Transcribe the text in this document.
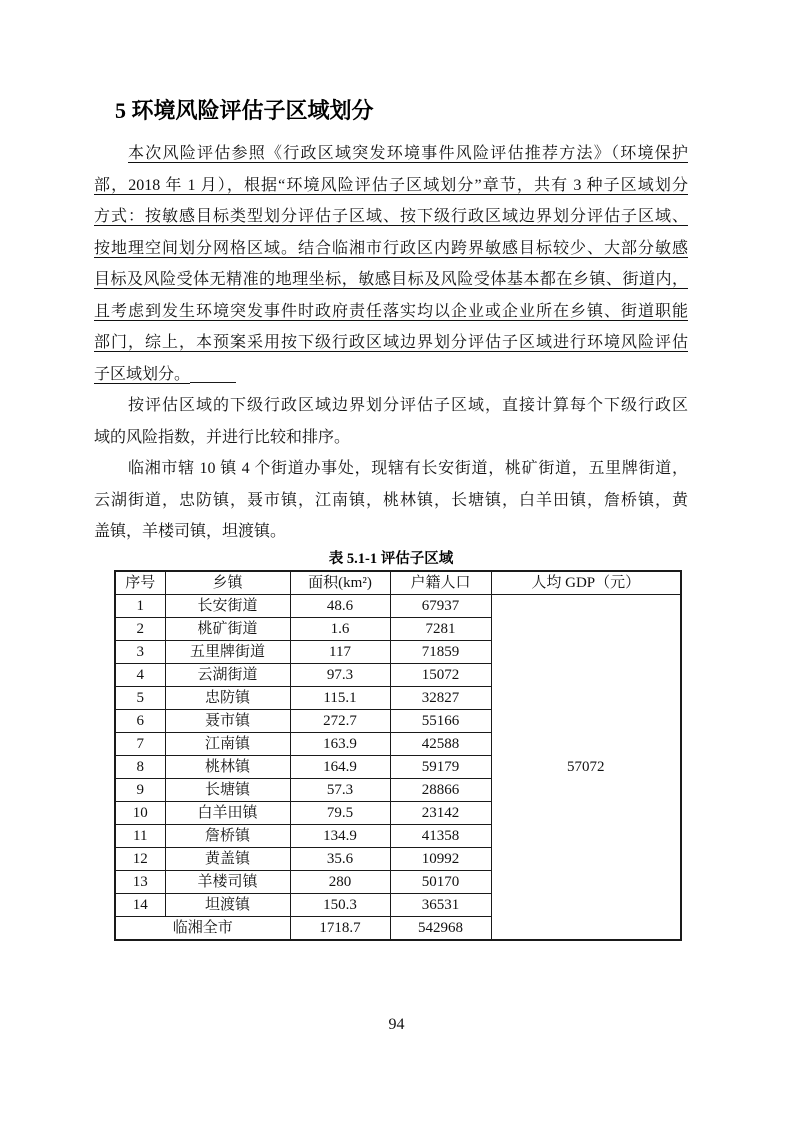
5 环境风险评估子区域划分
本次风险评估参照《行政区域突发环境事件风险评估推荐方法》（环境保护
部，2018 年 1 月），根据“环境风险评估子区域划分”章节，共有 3 种子区域划分
方式：按敏感目标类型划分评估子区域、按下级行政区域边界划分评估子区域、
按地理空间划分网格区域。结合临湘市行政区内跨界敏感目标较少、大部分敏感
目标及风险受体无精准的地理坐标，敏感目标及风险受体基本都在乡镇、街道内，
且考虑到发生环境突发事件时政府责任落实均以企业或企业所在乡镇、街道职能
部门，综上，本预案采用按下级行政区域边界划分评估子区域进行环境风险评估
子区域划分。
按评估区域的下级行政区域边界划分评估子区域，直接计算每个下级行政区
域的风险指数，并进行比较和排序。
临湘市辖 10 镇 4 个街道办事处，现辖有长安街道，桃矿街道，五里牌街道，
云湖街道，忠防镇，聂市镇，江南镇，桃林镇，长塘镇，白羊田镇，詹桥镇，黄
盖镇，羊楼司镇，坦渡镇。
表 5.1-1 评估子区域
序号	乡镇	面积(km²)	户籍人口	人均 GDP（元）
1	长安街道	48.6	67937	57072
2	桃矿街道	1.6	7281	
3	五里牌街道	117	71859	
4	云湖街道	97.3	15072	
5	忠防镇	115.1	32827	
6	聂市镇	272.7	55166	
7	江南镇	163.9	42588	
8	桃林镇	164.9	59179	
9	长塘镇	57.3	28866	
10	白羊田镇	79.5	23142	
11	詹桥镇	134.9	41358	
12	黄盖镇	35.6	10992	
13	羊楼司镇	280	50170	
14	坦渡镇	150.3	36531	
临湘全市		1718.7	542968	
94
